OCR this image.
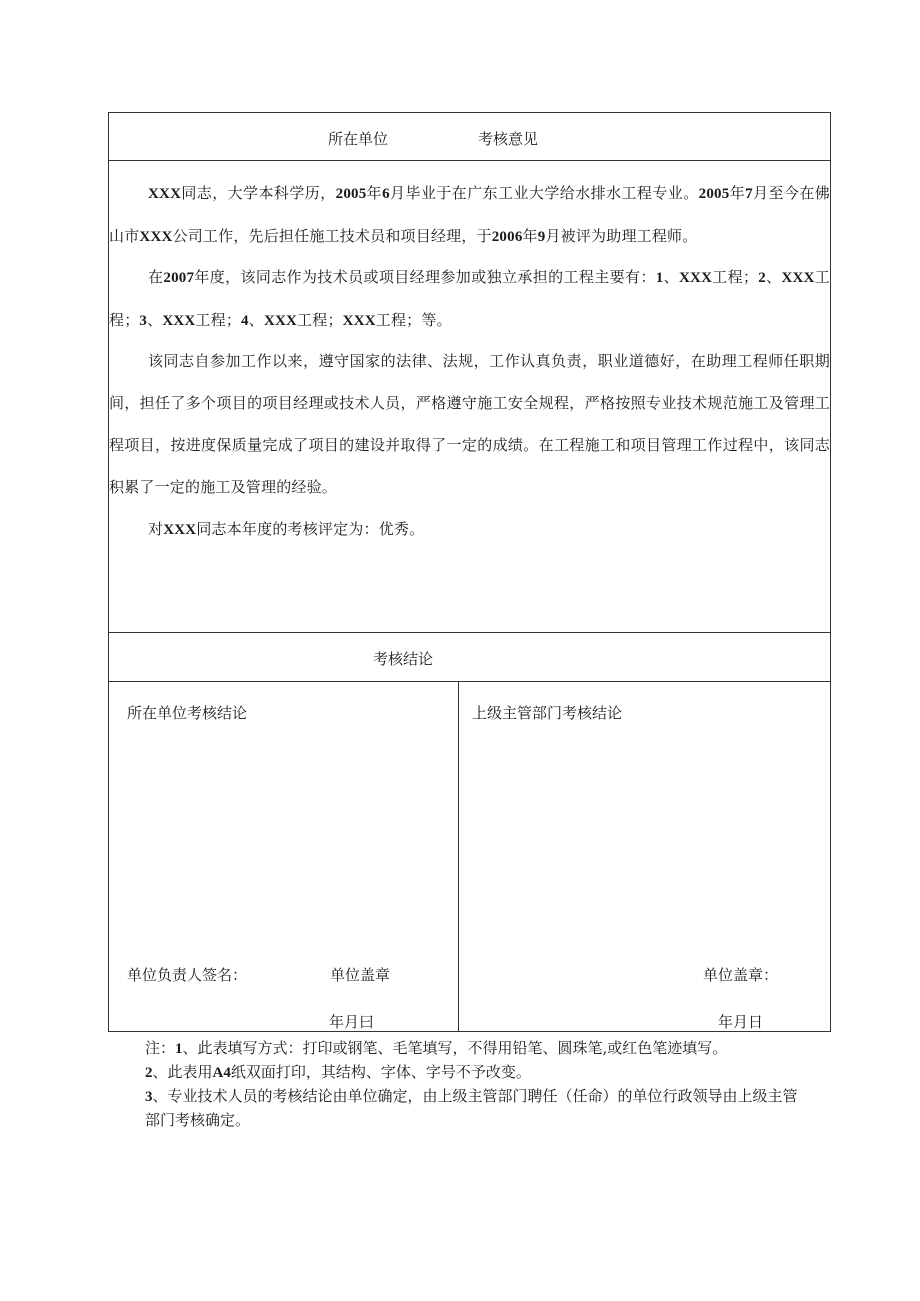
所在单位	考核意见

XXX同志，大学本科学历，2005年6月毕业于在广东工业大学给水排水工程专业。2005年7月至今在佛山市XXX公司工作，先后担任施工技术员和项目经理，于2006年9月被评为助理工程师。

在2007年度，该同志作为技术员或项目经理参加或独立承担的工程主要有：1、XXX工程；2、XXX工程；3、XXX工程；4、XXX工程；XXX工程；等。

该同志自参加工作以来，遵守国家的法律、法规，工作认真负责，职业道德好，在助理工程师任职期间，担任了多个项目的项目经理或技术人员，严格遵守施工安全规程，严格按照专业技术规范施工及管理工程项目，按进度保质量完成了项目的建设并取得了一定的成绩。在工程施工和项目管理工作过程中，该同志积累了一定的施工及管理的经验。

对XXX同志本年度的考核评定为：优秀。

考核结论
所在单位考核结论
单位负责人签名：	单位盖章
年月曰
上级主管部门考核结论
单位盖章：
年月日
注：1、此表填写方式：打印或钢笔、毛笔填写，不得用铅笔、圆珠笔,或红色笔迹填写。
2、此表用A4纸双面打印，其结构、字体、字号不予改变。
3、专业技术人员的考核结论由单位确定，由上级主管部门聘任（任命）的单位行政领导由上级主管
部门考核确定。
